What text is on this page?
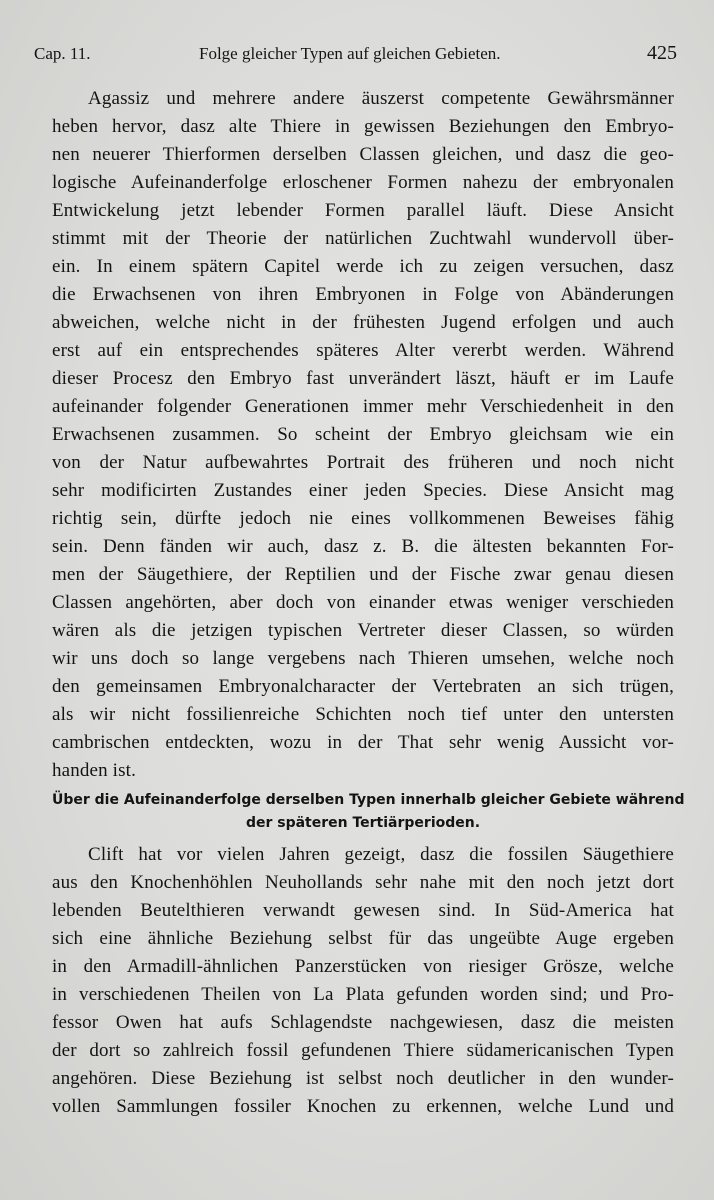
Cap. 11.	Folge gleicher Typen auf gleichen Gebieten.	425
Agassiz und mehrere andere äuszerst competente Gewährsmänner
heben hervor, dasz alte Thiere in gewissen Beziehungen den Embryo-
nen neuerer Thierformen derselben Classen gleichen, und dasz die geo-
logische Aufeinanderfolge erloschener Formen nahezu der embryonalen
Entwickelung jetzt lebender Formen parallel läuft. Diese Ansicht
stimmt mit der Theorie der natürlichen Zuchtwahl wundervoll über-
ein. In einem spätern Capitel werde ich zu zeigen versuchen, dasz
die Erwachsenen von ihren Embryonen in Folge von Abänderungen
abweichen, welche nicht in der frühesten Jugend erfolgen und auch
erst auf ein entsprechendes späteres Alter vererbt werden. Während
dieser Procesz den Embryo fast unverändert läszt, häuft er im Laufe
aufeinander folgender Generationen immer mehr Verschiedenheit in den
Erwachsenen zusammen. So scheint der Embryo gleichsam wie ein
von der Natur aufbewahrtes Portrait des früheren und noch nicht
sehr modificirten Zustandes einer jeden Species. Diese Ansicht mag
richtig sein, dürfte jedoch nie eines vollkommenen Beweises fähig
sein. Denn fänden wir auch, dasz z. B. die ältesten bekannten For-
men der Säugethiere, der Reptilien und der Fische zwar genau diesen
Classen angehörten, aber doch von einander etwas weniger verschieden
wären als die jetzigen typischen Vertreter dieser Classen, so würden
wir uns doch so lange vergebens nach Thieren umsehen, welche noch
den gemeinsamen Embryonalcharacter der Vertebraten an sich trügen,
als wir nicht fossilienreiche Schichten noch tief unter den untersten
cambrischen entdeckten, wozu in der That sehr wenig Aussicht vor-
handen ist.
Über die Aufeinanderfolge derselben Typen innerhalb gleicher Gebiete während
der späteren Tertiärperioden.
Clift hat vor vielen Jahren gezeigt, dasz die fossilen Säugethiere
aus den Knochenhöhlen Neuhollands sehr nahe mit den noch jetzt dort
lebenden Beutelthieren verwandt gewesen sind. In Süd-America hat
sich eine ähnliche Beziehung selbst für das ungeübte Auge ergeben
in den Armadill-ähnlichen Panzerstücken von riesiger Grösze, welche
in verschiedenen Theilen von La Plata gefunden worden sind; und Pro-
fessor Owen hat aufs Schlagendste nachgewiesen, dasz die meisten
der dort so zahlreich fossil gefundenen Thiere südamericanischen Typen
angehören. Diese Beziehung ist selbst noch deutlicher in den wunder-
vollen Sammlungen fossiler Knochen zu erkennen, welche Lund und
